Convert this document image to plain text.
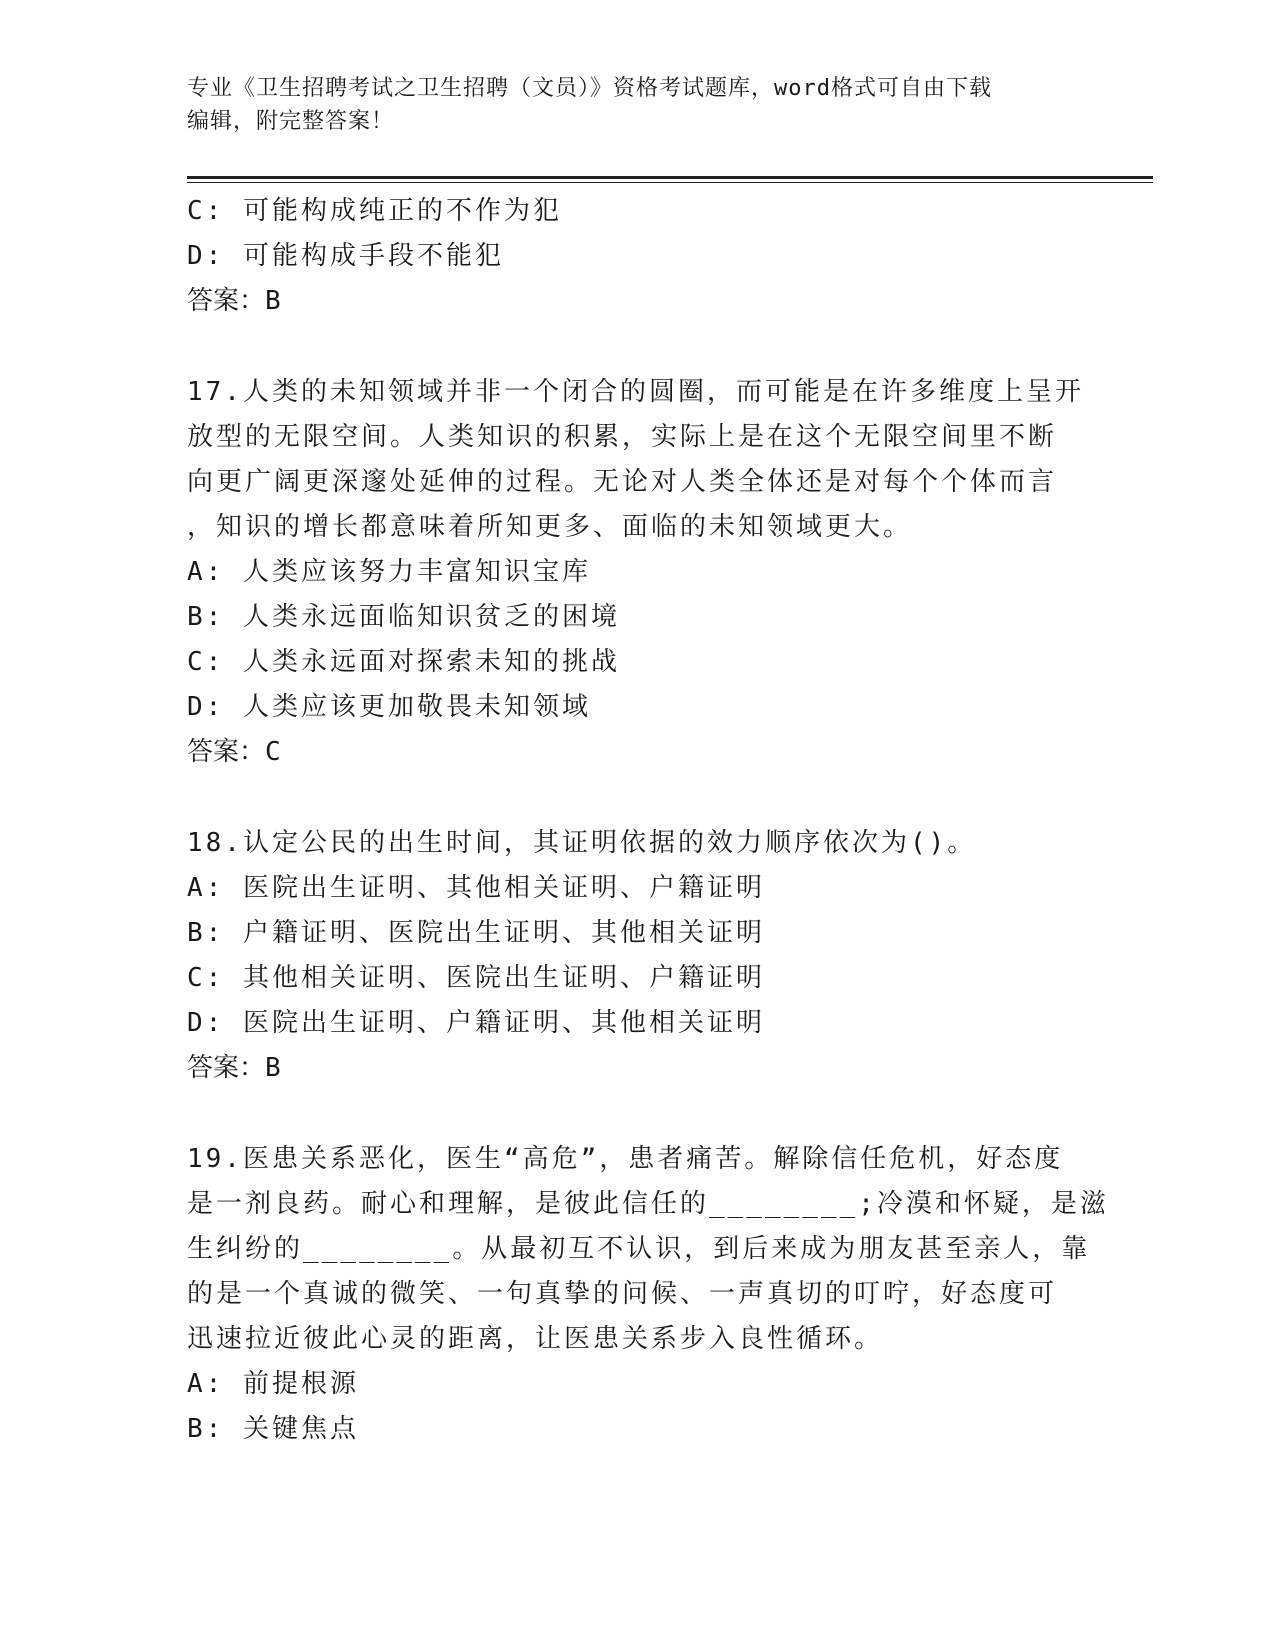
专业《卫生招聘考试之卫生招聘（文员）》资格考试题库，word格式可自由下载
编辑，附完整答案！
C: 可能构成纯正的不作为犯
D: 可能构成手段不能犯
答案：B
17.人类的未知领域并非一个闭合的圆圈，而可能是在许多维度上呈开
放型的无限空间。人类知识的积累，实际上是在这个无限空间里不断
向更广阔更深邃处延伸的过程。无论对人类全体还是对每个个体而言
，知识的增长都意味着所知更多、面临的未知领域更大。
A: 人类应该努力丰富知识宝库
B: 人类永远面临知识贫乏的困境
C: 人类永远面对探索未知的挑战
D: 人类应该更加敬畏未知领域
答案：C
18.认定公民的出生时间，其证明依据的效力顺序依次为()。
A: 医院出生证明、其他相关证明、户籍证明
B: 户籍证明、医院出生证明、其他相关证明
C: 其他相关证明、医院出生证明、户籍证明
D: 医院出生证明、户籍证明、其他相关证明
答案：B
19.医患关系恶化，医生“高危”，患者痛苦。解除信任危机，好态度
是一剂良药。耐心和理解，是彼此信任的________;冷漠和怀疑，是滋
生纠纷的________。从最初互不认识，到后来成为朋友甚至亲人，靠
的是一个真诚的微笑、一句真挚的问候、一声真切的叮咛，好态度可
迅速拉近彼此心灵的距离，让医患关系步入良性循环。
A: 前提根源
B: 关键焦点
